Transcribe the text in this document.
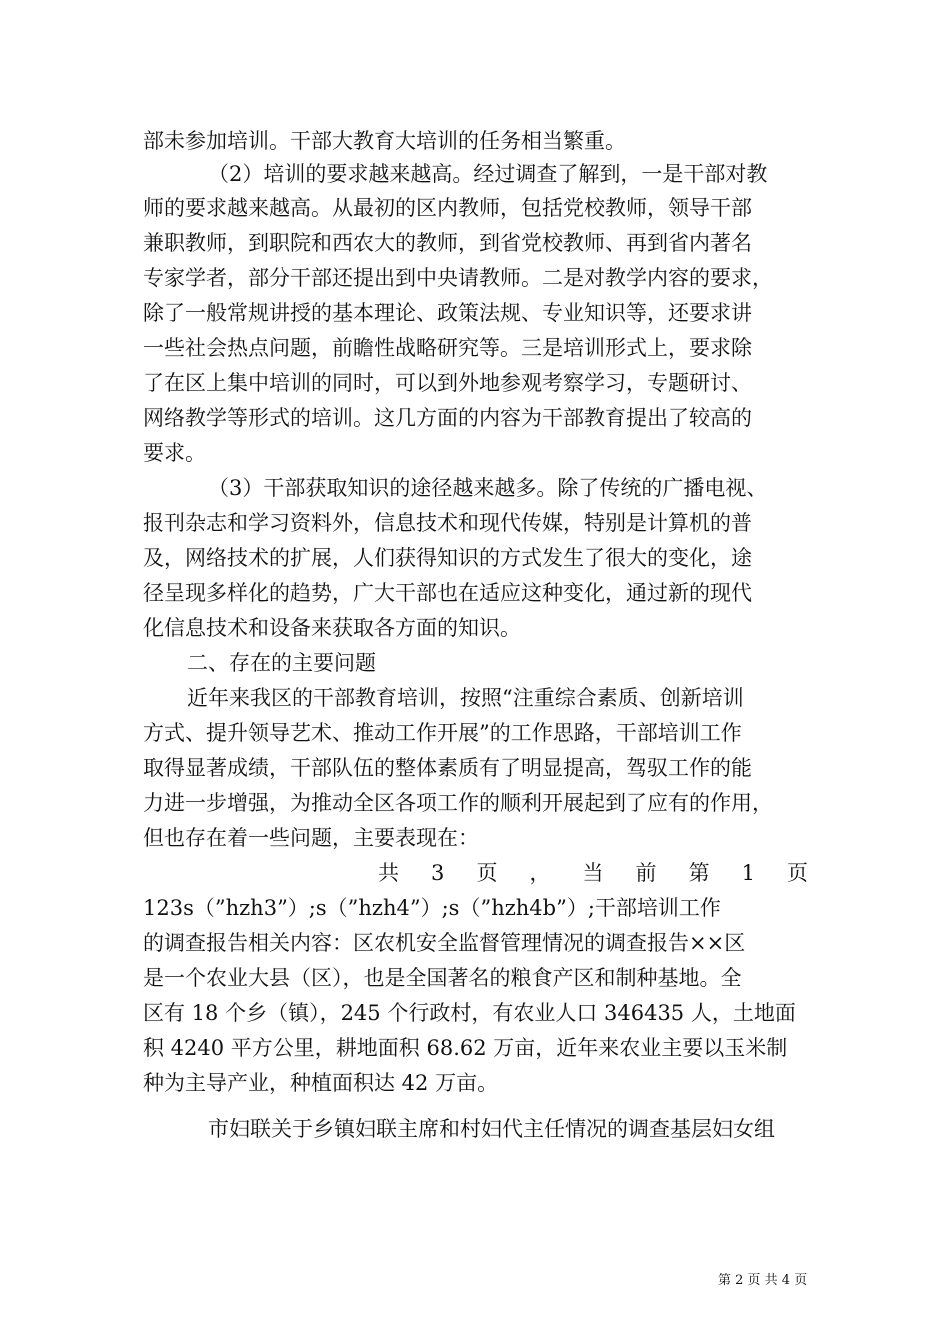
部未参加培训。干部大教育大培训的任务相当繁重。
（2）培训的要求越来越高。经过调查了解到，一是干部对教
师的要求越来越高。从最初的区内教师，包括党校教师，领导干部
兼职教师，到职院和西农大的教师，到省党校教师、再到省内著名
专家学者，部分干部还提出到中央请教师。二是对教学内容的要求，
除了一般常规讲授的基本理论、政策法规、专业知识等，还要求讲
一些社会热点问题，前瞻性战略研究等。三是培训形式上，要求除
了在区上集中培训的同时，可以到外地参观考察学习，专题研讨、
网络教学等形式的培训。这几方面的内容为干部教育提出了较高的
要求。
（3）干部获取知识的途径越来越多。除了传统的广播电视、
报刊杂志和学习资料外，信息技术和现代传媒，特别是计算机的普
及，网络技术的扩展，人们获得知识的方式发生了很大的变化，途
径呈现多样化的趋势，广大干部也在适应这种变化，通过新的现代
化信息技术和设备来获取各方面的知识。
二、存在的主要问题
近年来我区的干部教育培训，按照“注重综合素质、创新培训
方式、提升领导艺术、推动工作开展”的工作思路，干部培训工作
取得显著成绩，干部队伍的整体素质有了明显提高，驾驭工作的能
力进一步增强，为推动全区各项工作的顺利开展起到了应有的作用，
但也存在着一些问题，主要表现在：
共 3 页 ， 当 前 第 1 页
123s（”hzh3”）;s（”hzh4”）;s（”hzh4b”）;干部培训工作
的调查报告相关内容：区农机安全监督管理情况的调查报告××区
是一个农业大县（区），也是全国著名的粮食产区和制种基地。全
区有 18 个乡（镇），245 个行政村，有农业人口 346435 人，土地面
积 4240 平方公里，耕地面积 68.62 万亩，近年来农业主要以玉米制
种为主导产业，种植面积达 42 万亩。
市妇联关于乡镇妇联主席和村妇代主任情况的调查基层妇女组
第 2 页 共 4 页
